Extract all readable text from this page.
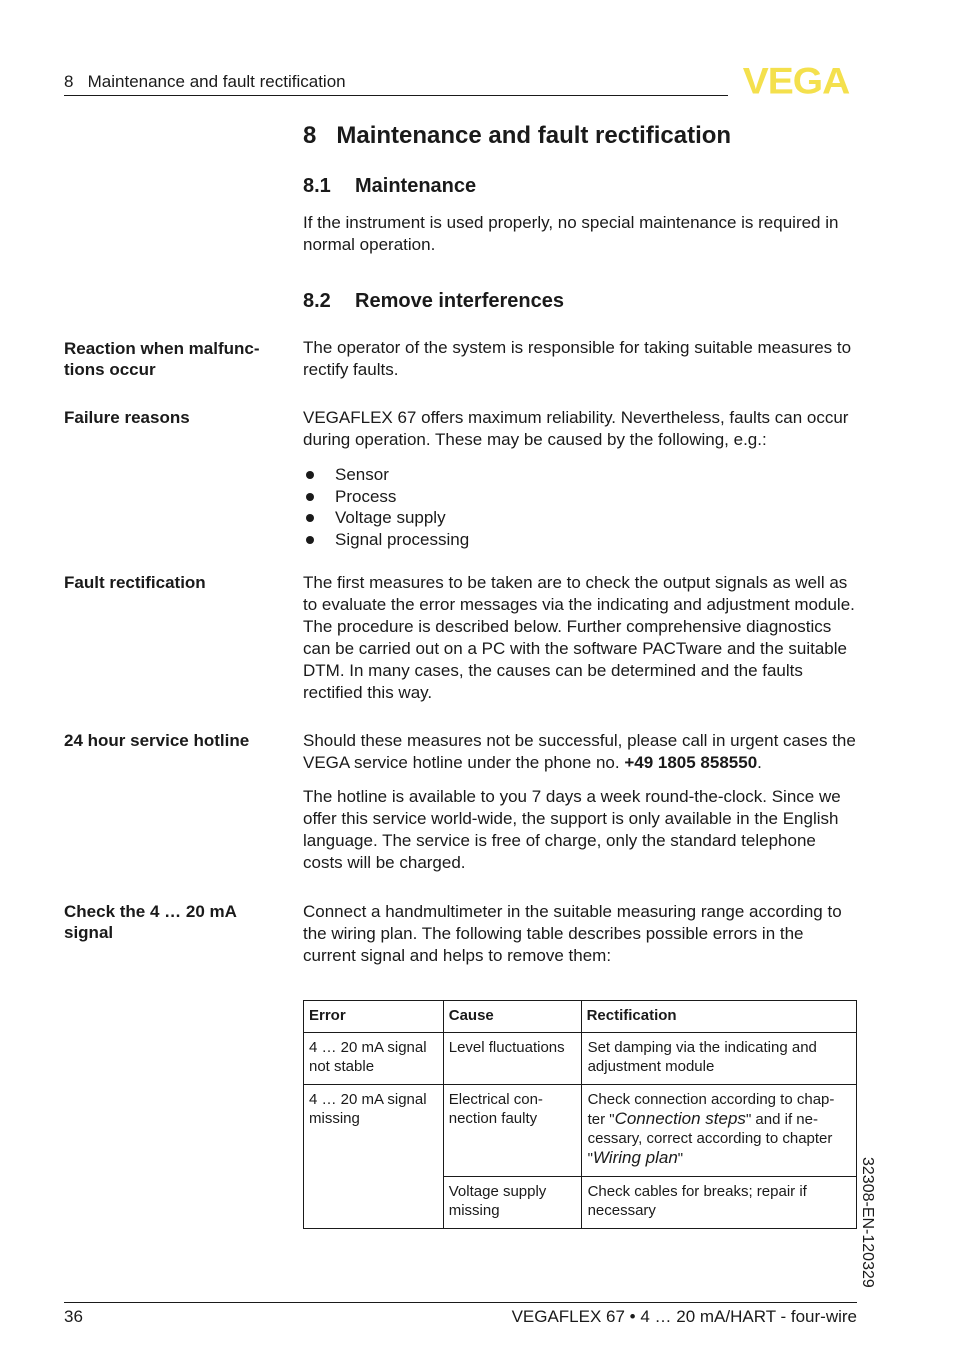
8   Maintenance and fault rectification	VEGA
8   Maintenance and fault rectification
8.1 Maintenance

If the instrument is used properly, no special maintenance is required in normal operation.

8.2 Remove interferences

Reaction when malfunc- tions occur

The operator of the system is responsible for taking suitable measures to rectify faults.

Failure reasons	VEGAFLEX 67 offers maximum reliability. Nevertheless, faults can occur during operation. These may be caused by the following, e.g.:

Sensor
Process
Voltage supply
Signal processing

Fault rectification	The first measures to be taken are to check the output signals as well as to evaluate the error messages via the indicating and adjustment module. The procedure is described below. Further comprehensive diagnostics can be carried out on a PC with the software PACTware and the suitable DTM. In many cases, the causes can be determined and the faults rectified this way.

24 hour service hotline	Should these measures not be successful, please call in urgent cases the VEGA service hotline under the phone no. +49 1805 858550.

The hotline is available to you 7 days a week round-the-clock. Since we offer this service world-wide, the support is only available in the English language. The service is free of charge, only the standard telephone costs will be charged.

Check the 4 … 20 mA signal

Connect a handmultimeter in the suitable measuring range according to the wiring plan. The following table describes possible errors in the current signal and helps to remove them:

Error	Cause	Rectification
4 … 20 mA signal not stable	Level fluctuations	Set damping via the indicating and adjustment module
4 … 20 mA signal missing	Electrical con- nection faulty	Check connection according to chap- ter "Connection steps" and if ne- cessary, correct according to chapter "Wiring plan"
	Voltage supply missing	Check cables for breaks; repair if necessary	32308-EN-120329
36	VEGAFLEX 67 • 4 … 20 mA/HART - four-wire
